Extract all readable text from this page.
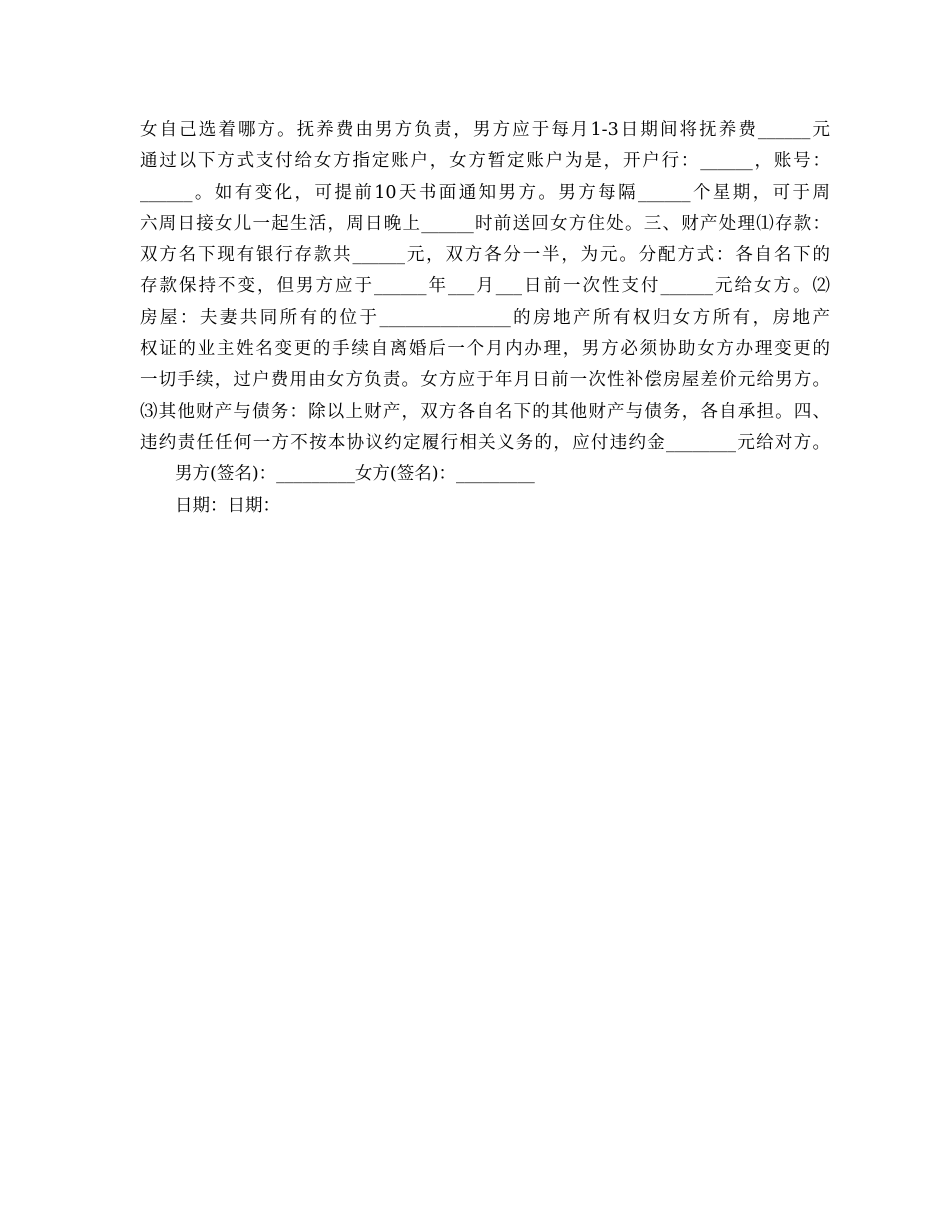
女自己选着哪方。抚养费由男方负责，男方应于每月1-3日期间将抚养费______元
通过以下方式支付给女方指定账户，女方暂定账户为是，开户行：______，账号：
______。如有变化，可提前10天书面通知男方。男方每隔______个星期，可于周
六周日接女儿一起生活，周日晚上______时前送回女方住处。三、财产处理⑴存款：
双方名下现有银行存款共______元，双方各分一半，为元。分配方式：各自名下的
存款保持不变，但男方应于______年___月___日前一次性支付______元给女方。⑵
房屋：夫妻共同所有的位于_______________的房地产所有权归女方所有，房地产
权证的业主姓名变更的手续自离婚后一个月内办理，男方必须协助女方办理变更的
一切手续，过户费用由女方负责。女方应于年月日前一次性补偿房屋差价元给男方。
⑶其他财产与债务：除以上财产，双方各自名下的其他财产与债务，各自承担。四、
违约责任任何一方不按本协议约定履行相关义务的，应付违约金________元给对方。
男方(签名)：_________女方(签名)：_________
日期：日期：
